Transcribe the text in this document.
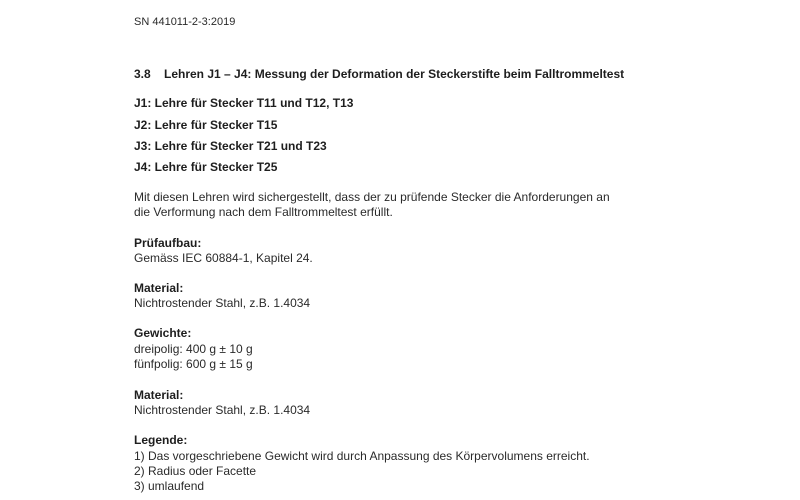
SN 441011-2-3:2019
3.8 Lehren J1 – J4: Messung der Deformation der Steckerstifte beim Falltrommeltest
J1: Lehre für Stecker T11 und T12, T13
J2: Lehre für Stecker T15
J3: Lehre für Stecker T21 und T23
J4: Lehre für Stecker T25
Mit diesen Lehren wird sichergestellt, dass der zu prüfende Stecker die Anforderungen an
die Verformung nach dem Falltrommeltest erfüllt.
Prüfaufbau:
Gemäss IEC 60884-1, Kapitel 24.
Material:
Nichtrostender Stahl, z.B. 1.4034
Gewichte:
dreipolig: 400 g ± 10 g
fünfpolig: 600 g ± 15 g
Material:
Nichtrostender Stahl, z.B. 1.4034
Legende:
1) Das vorgeschriebene Gewicht wird durch Anpassung des Körpervolumens erreicht.
2) Radius oder Facette
3) umlaufend
